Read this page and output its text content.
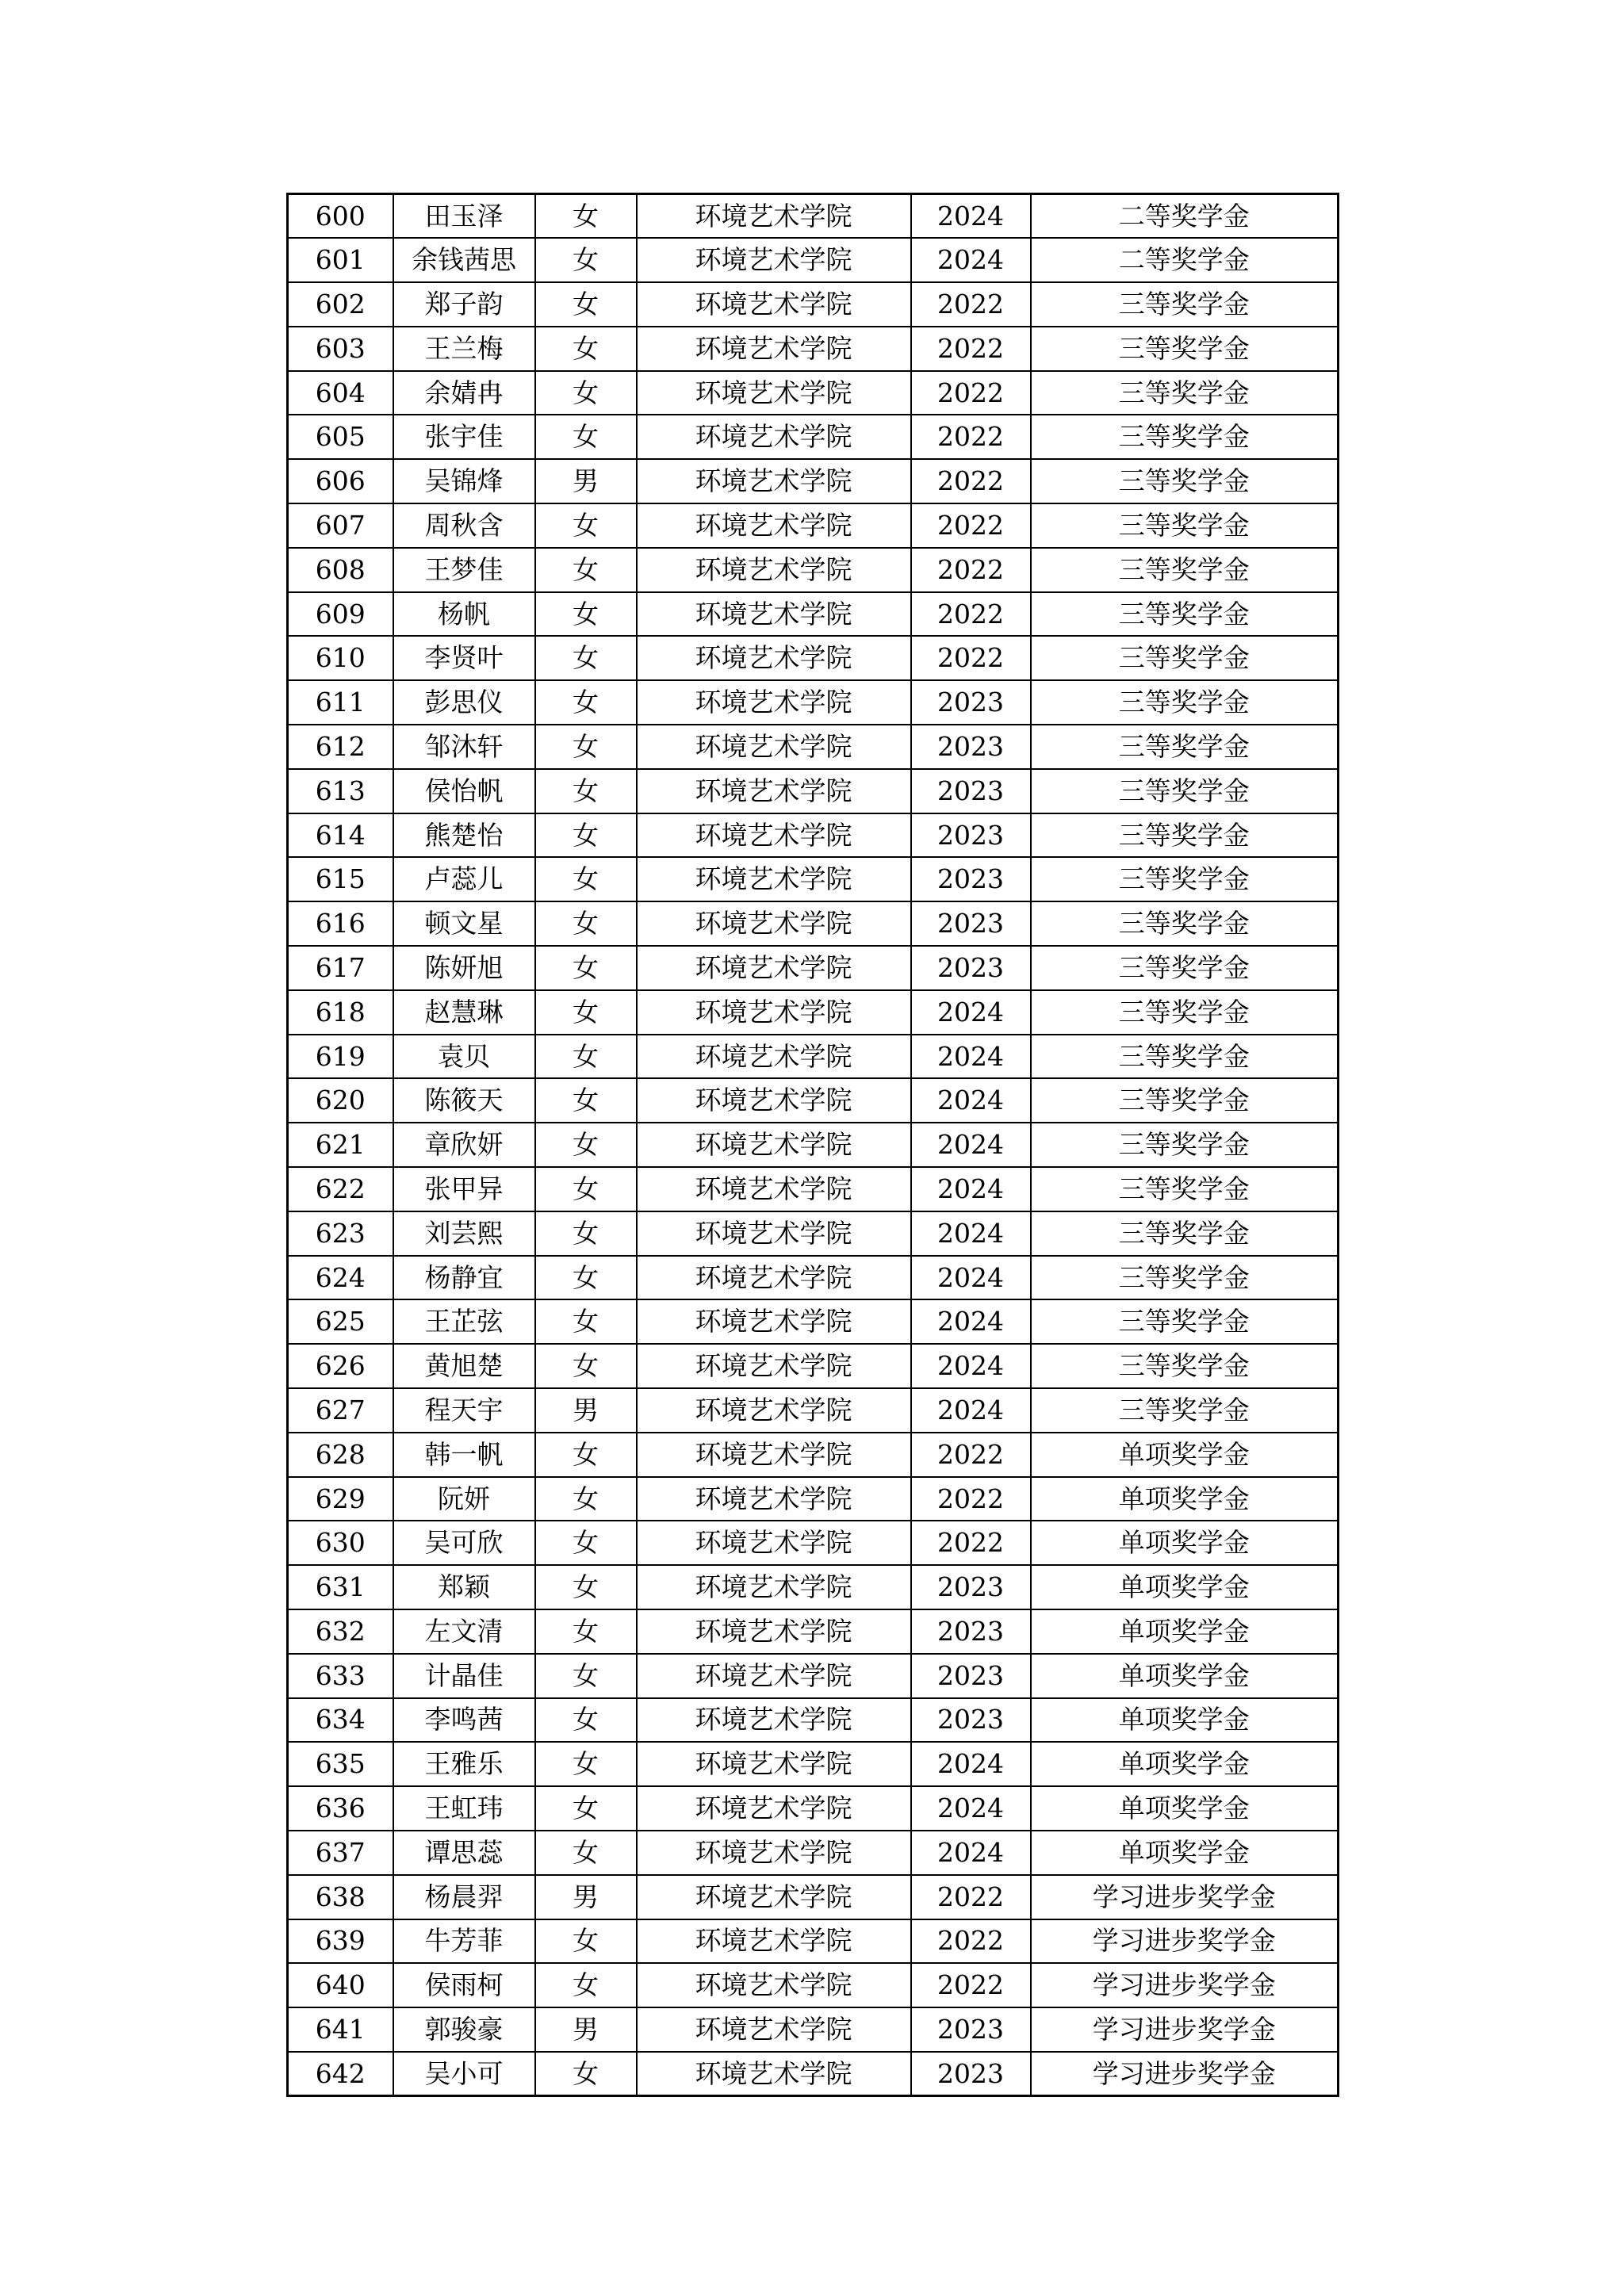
600	田玉泽	女	环境艺术学院	2024	二等奖学金
601	余钱茜思	女	环境艺术学院	2024	二等奖学金
602	郑子韵	女	环境艺术学院	2022	三等奖学金
603	王兰梅	女	环境艺术学院	2022	三等奖学金
604	余婧冉	女	环境艺术学院	2022	三等奖学金
605	张宇佳	女	环境艺术学院	2022	三等奖学金
606	吴锦烽	男	环境艺术学院	2022	三等奖学金
607	周秋含	女	环境艺术学院	2022	三等奖学金
608	王梦佳	女	环境艺术学院	2022	三等奖学金
609	杨帆	女	环境艺术学院	2022	三等奖学金
610	李贤叶	女	环境艺术学院	2022	三等奖学金
611	彭思仪	女	环境艺术学院	2023	三等奖学金
612	邹沐轩	女	环境艺术学院	2023	三等奖学金
613	侯怡帆	女	环境艺术学院	2023	三等奖学金
614	熊楚怡	女	环境艺术学院	2023	三等奖学金
615	卢蕊儿	女	环境艺术学院	2023	三等奖学金
616	顿文星	女	环境艺术学院	2023	三等奖学金
617	陈妍旭	女	环境艺术学院	2023	三等奖学金
618	赵慧琳	女	环境艺术学院	2024	三等奖学金
619	袁贝	女	环境艺术学院	2024	三等奖学金
620	陈筱天	女	环境艺术学院	2024	三等奖学金
621	章欣妍	女	环境艺术学院	2024	三等奖学金
622	张甲异	女	环境艺术学院	2024	三等奖学金
623	刘芸熙	女	环境艺术学院	2024	三等奖学金
624	杨静宜	女	环境艺术学院	2024	三等奖学金
625	王芷弦	女	环境艺术学院	2024	三等奖学金
626	黄旭楚	女	环境艺术学院	2024	三等奖学金
627	程天宇	男	环境艺术学院	2024	三等奖学金
628	韩一帆	女	环境艺术学院	2022	单项奖学金
629	阮妍	女	环境艺术学院	2022	单项奖学金
630	吴可欣	女	环境艺术学院	2022	单项奖学金
631	郑颖	女	环境艺术学院	2023	单项奖学金
632	左文清	女	环境艺术学院	2023	单项奖学金
633	计晶佳	女	环境艺术学院	2023	单项奖学金
634	李鸣茜	女	环境艺术学院	2023	单项奖学金
635	王雅乐	女	环境艺术学院	2024	单项奖学金
636	王虹玮	女	环境艺术学院	2024	单项奖学金
637	谭思蕊	女	环境艺术学院	2024	单项奖学金
638	杨晨羿	男	环境艺术学院	2022	学习进步奖学金
639	牛芳菲	女	环境艺术学院	2022	学习进步奖学金
640	侯雨柯	女	环境艺术学院	2022	学习进步奖学金
641	郭骏豪	男	环境艺术学院	2023	学习进步奖学金
642	吴小可	女	环境艺术学院	2023	学习进步奖学金
